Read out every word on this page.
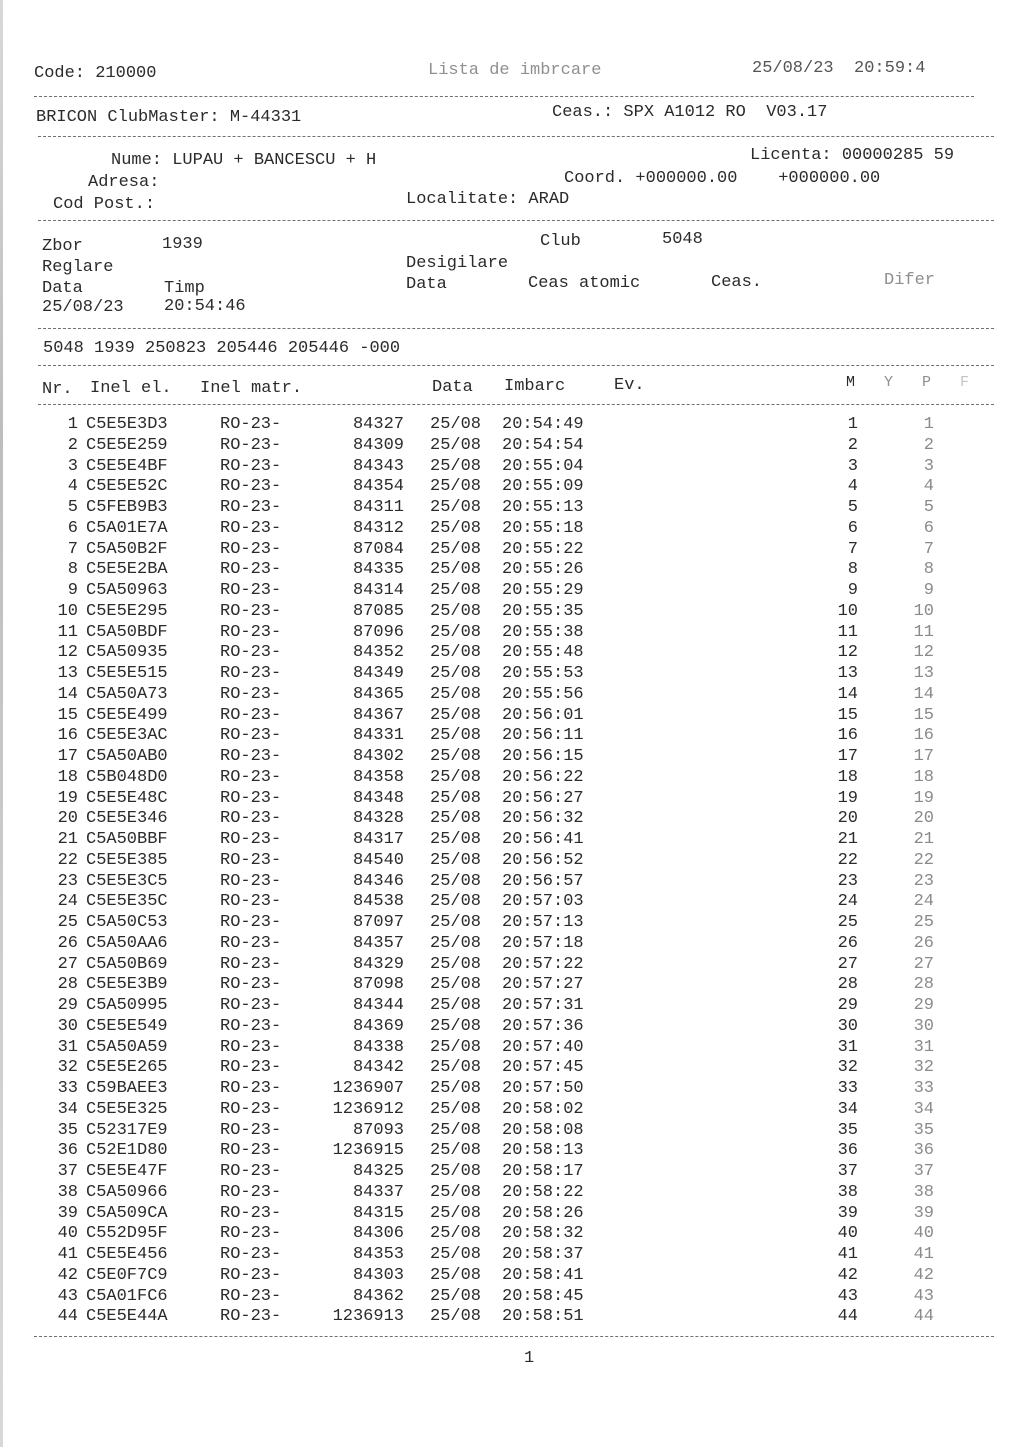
Code: 210000	Lista de imbrcare	25/08/23  20:59:4
BRICON ClubMaster: M-44331	Ceas.: SPX A1012 RO  V03.17
Nume: LUPAU + BANCESCU + H	Licenta: 00000285 59
Adresa:	Coord. +000000.00    +000000.00
Cod Post.:	Localitate: ARAD
Zbor	1939	Club	5048
Reglare	Desigilare
Data	Timp	Data	Ceas atomic	Ceas.	Difer
25/08/23 20:54:46
5048 1939 250823 205446 205446 -000
Nr. Inel el. Inel matr.	Data Imbarc	Ev.	M Y P F
1 C5E5E3D3	RO-23-	84327 25/08 20:54:49	1	1
2 C5E5E259	RO-23-	84309 25/08 20:54:54	2	2
3 C5E5E4BF	RO-23-	84343 25/08 20:55:04	3	3
4 C5E5E52C	RO-23-	84354 25/08 20:55:09	4	4
5 C5FEB9B3	RO-23-	84311 25/08 20:55:13	5	5
6 C5A01E7A	RO-23-	84312 25/08 20:55:18	6	6
7 C5A50B2F	RO-23-	87084 25/08 20:55:22	7	7
8 C5E5E2BA	RO-23-	84335 25/08 20:55:26	8	8
9 C5A50963	RO-23-	84314 25/08 20:55:29	9	9
10 C5E5E295	RO-23-	87085 25/08 20:55:35	10	10
11 C5A50BDF	RO-23-	87096 25/08 20:55:38	11	11
12 C5A50935	RO-23-	84352 25/08 20:55:48	12	12
13 C5E5E515	RO-23-	84349 25/08 20:55:53	13	13
14 C5A50A73	RO-23-	84365 25/08 20:55:56	14	14
15 C5E5E499	RO-23-	84367 25/08 20:56:01	15	15
16 C5E5E3AC	RO-23-	84331 25/08 20:56:11	16	16
17 C5A50AB0	RO-23-	84302 25/08 20:56:15	17	17
18 C5B048D0	RO-23-	84358 25/08 20:56:22	18	18
19 C5E5E48C	RO-23-	84348 25/08 20:56:27	19	19
20 C5E5E346	RO-23-	84328 25/08 20:56:32	20	20
21 C5A50BBF	RO-23-	84317 25/08 20:56:41	21	21
22 C5E5E385	RO-23-	84540 25/08 20:56:52	22	22
23 C5E5E3C5	RO-23-	84346 25/08 20:56:57	23	23
24 C5E5E35C	RO-23-	84538 25/08 20:57:03	24	24
25 C5A50C53	RO-23-	87097 25/08 20:57:13	25	25
26 C5A50AA6	RO-23-	84357 25/08 20:57:18	26	26
27 C5A50B69	RO-23-	84329 25/08 20:57:22	27	27
28 C5E5E3B9	RO-23-	87098 25/08 20:57:27	28	28
29 C5A50995	RO-23-	84344 25/08 20:57:31	29	29
30 C5E5E549	RO-23-	84369 25/08 20:57:36	30	30
31 C5A50A59	RO-23-	84338 25/08 20:57:40	31	31
32 C5E5E265	RO-23-	84342 25/08 20:57:45	32	32
33 C59BAEE3	RO-23-	1236907 25/08 20:57:50	33	33
34 C5E5E325	RO-23-	1236912 25/08 20:58:02	34	34
35 C52317E9	RO-23-	87093 25/08 20:58:08	35	35
36 C52E1D80	RO-23-	1236915 25/08 20:58:13	36	36
37 C5E5E47F	RO-23-	84325 25/08 20:58:17	37	37
38 C5A50966	RO-23-	84337 25/08 20:58:22	38	38
39 C5A509CA	RO-23-	84315 25/08 20:58:26	39	39
40 C552D95F	RO-23-	84306 25/08 20:58:32	40	40
41 C5E5E456	RO-23-	84353 25/08 20:58:37	41	41
42 C5E0F7C9	RO-23-	84303 25/08 20:58:41	42	42
43 C5A01FC6	RO-23-	84362 25/08 20:58:45	43	43
44 C5E5E44A	RO-23-	1236913 25/08 20:58:51	44	44
1
